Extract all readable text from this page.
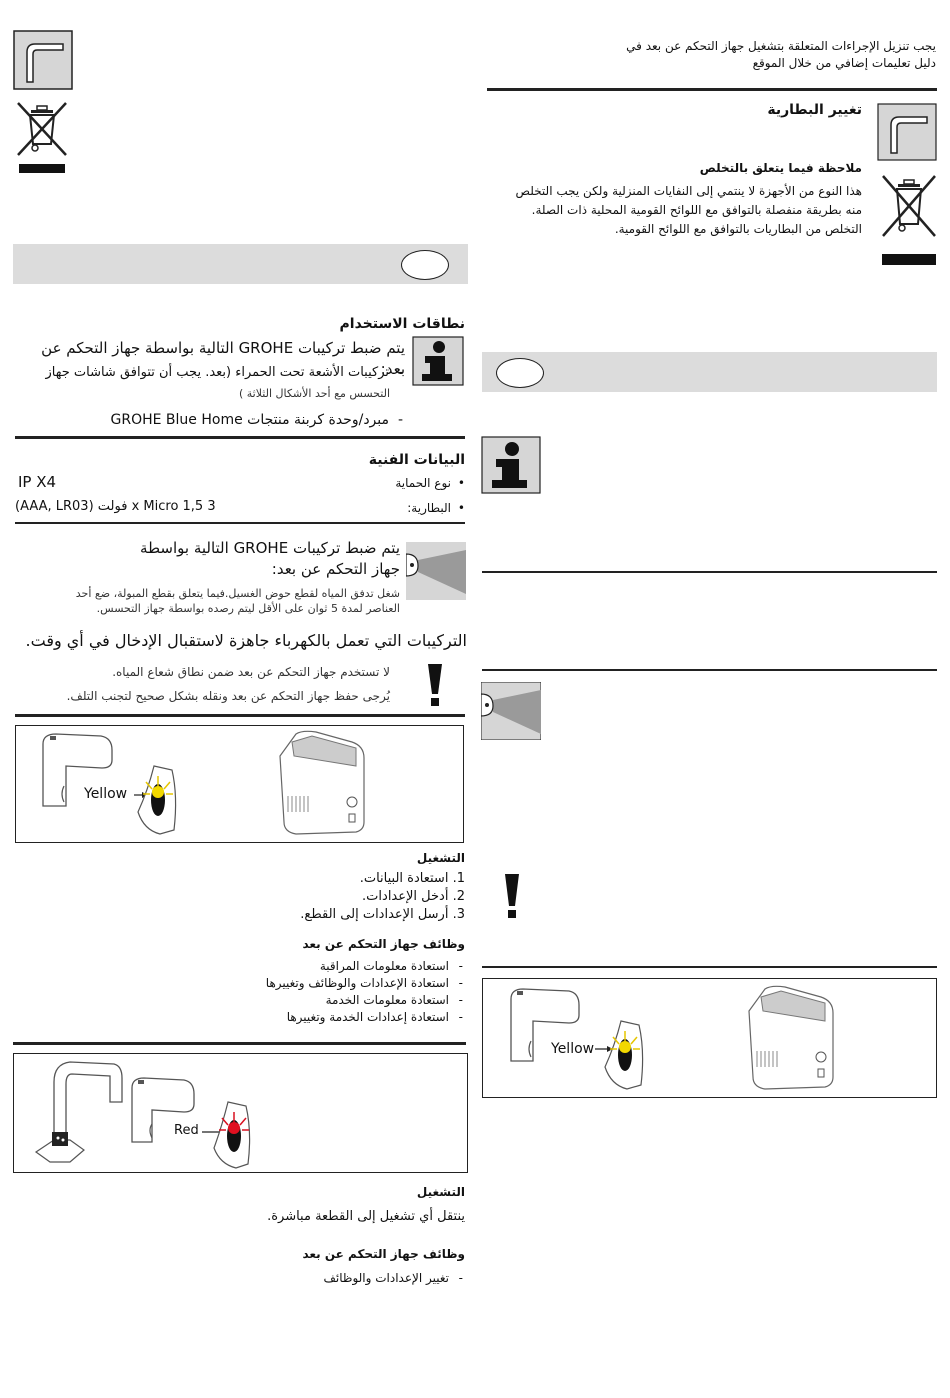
نطاقات الاستخدام
يتم ضبط تركيبات GROHE التالية بواسطة جهاز التحكم عن بعد:
- تركيبات الأشعة تحت الحمراء (بعد. يجب أن تتوافق شاشات جهاز
التحسس مع أحد الأشكال الثلاثة )
- مبرد/وحدة كربنة منتجات GROHE Blue Home
البيانات الفنية
• نوع الحماية
IP X4
• البطارية:
3 x Micro 1,5 فولت (AAA, LR03)
يتم ضبط تركيبات GROHE التالية بواسطة
جهاز التحكم عن بعد:
شغل تدفق المياه لقطع حوض الغسيل.فيما يتعلق بقطع المبولة، ضع أحد
العناصر لمدة 5 ثوان على الأقل ليتم رصده بواسطة جهاز التحسس.
التركيبات التي تعمل بالكهرباء جاهزة لاستقبال الإدخال في أي وقت.
لا تستخدم جهاز التحكم عن بعد ضمن نطاق شعاع المياه.
يُرجى حفظ جهاز التحكم عن بعد ونقله بشكل صحيح لتجنب التلف.
Yellow
التشغيل
1. استعادة البيانات.
2. أدخل الإعدادات.
3. أرسل الإعدادات إلى القطع.
وظائف جهاز التحكم عن بعد
- استعادة معلومات المراقبة
- استعادة الإعدادات والوظائف وتغييرها
- استعادة معلومات الخدمة
- استعادة إعدادات الخدمة وتغييرها
Red
التشغيل
ينتقل أي تشغيل إلى القطعة مباشرة.
وظائف جهاز التحكم عن بعد
- تغيير الإعدادات والوظائف
يجب تنزيل الإجراءات المتعلقة بتشغيل جهاز التحكم عن بعد في
دليل تعليمات إضافي من خلال الموقع
تغيير البطارية
ملاحظة فيما يتعلق بالتخلص
هذا النوع من الأجهزة لا ينتمي إلى النفايات المنزلية ولكن يجب التخلص
منه بطريقة منفصلة بالتوافق مع اللوائح القومية المحلية ذات الصلة.
التخلص من البطاريات بالتوافق مع اللوائح القومية.
Yellow
